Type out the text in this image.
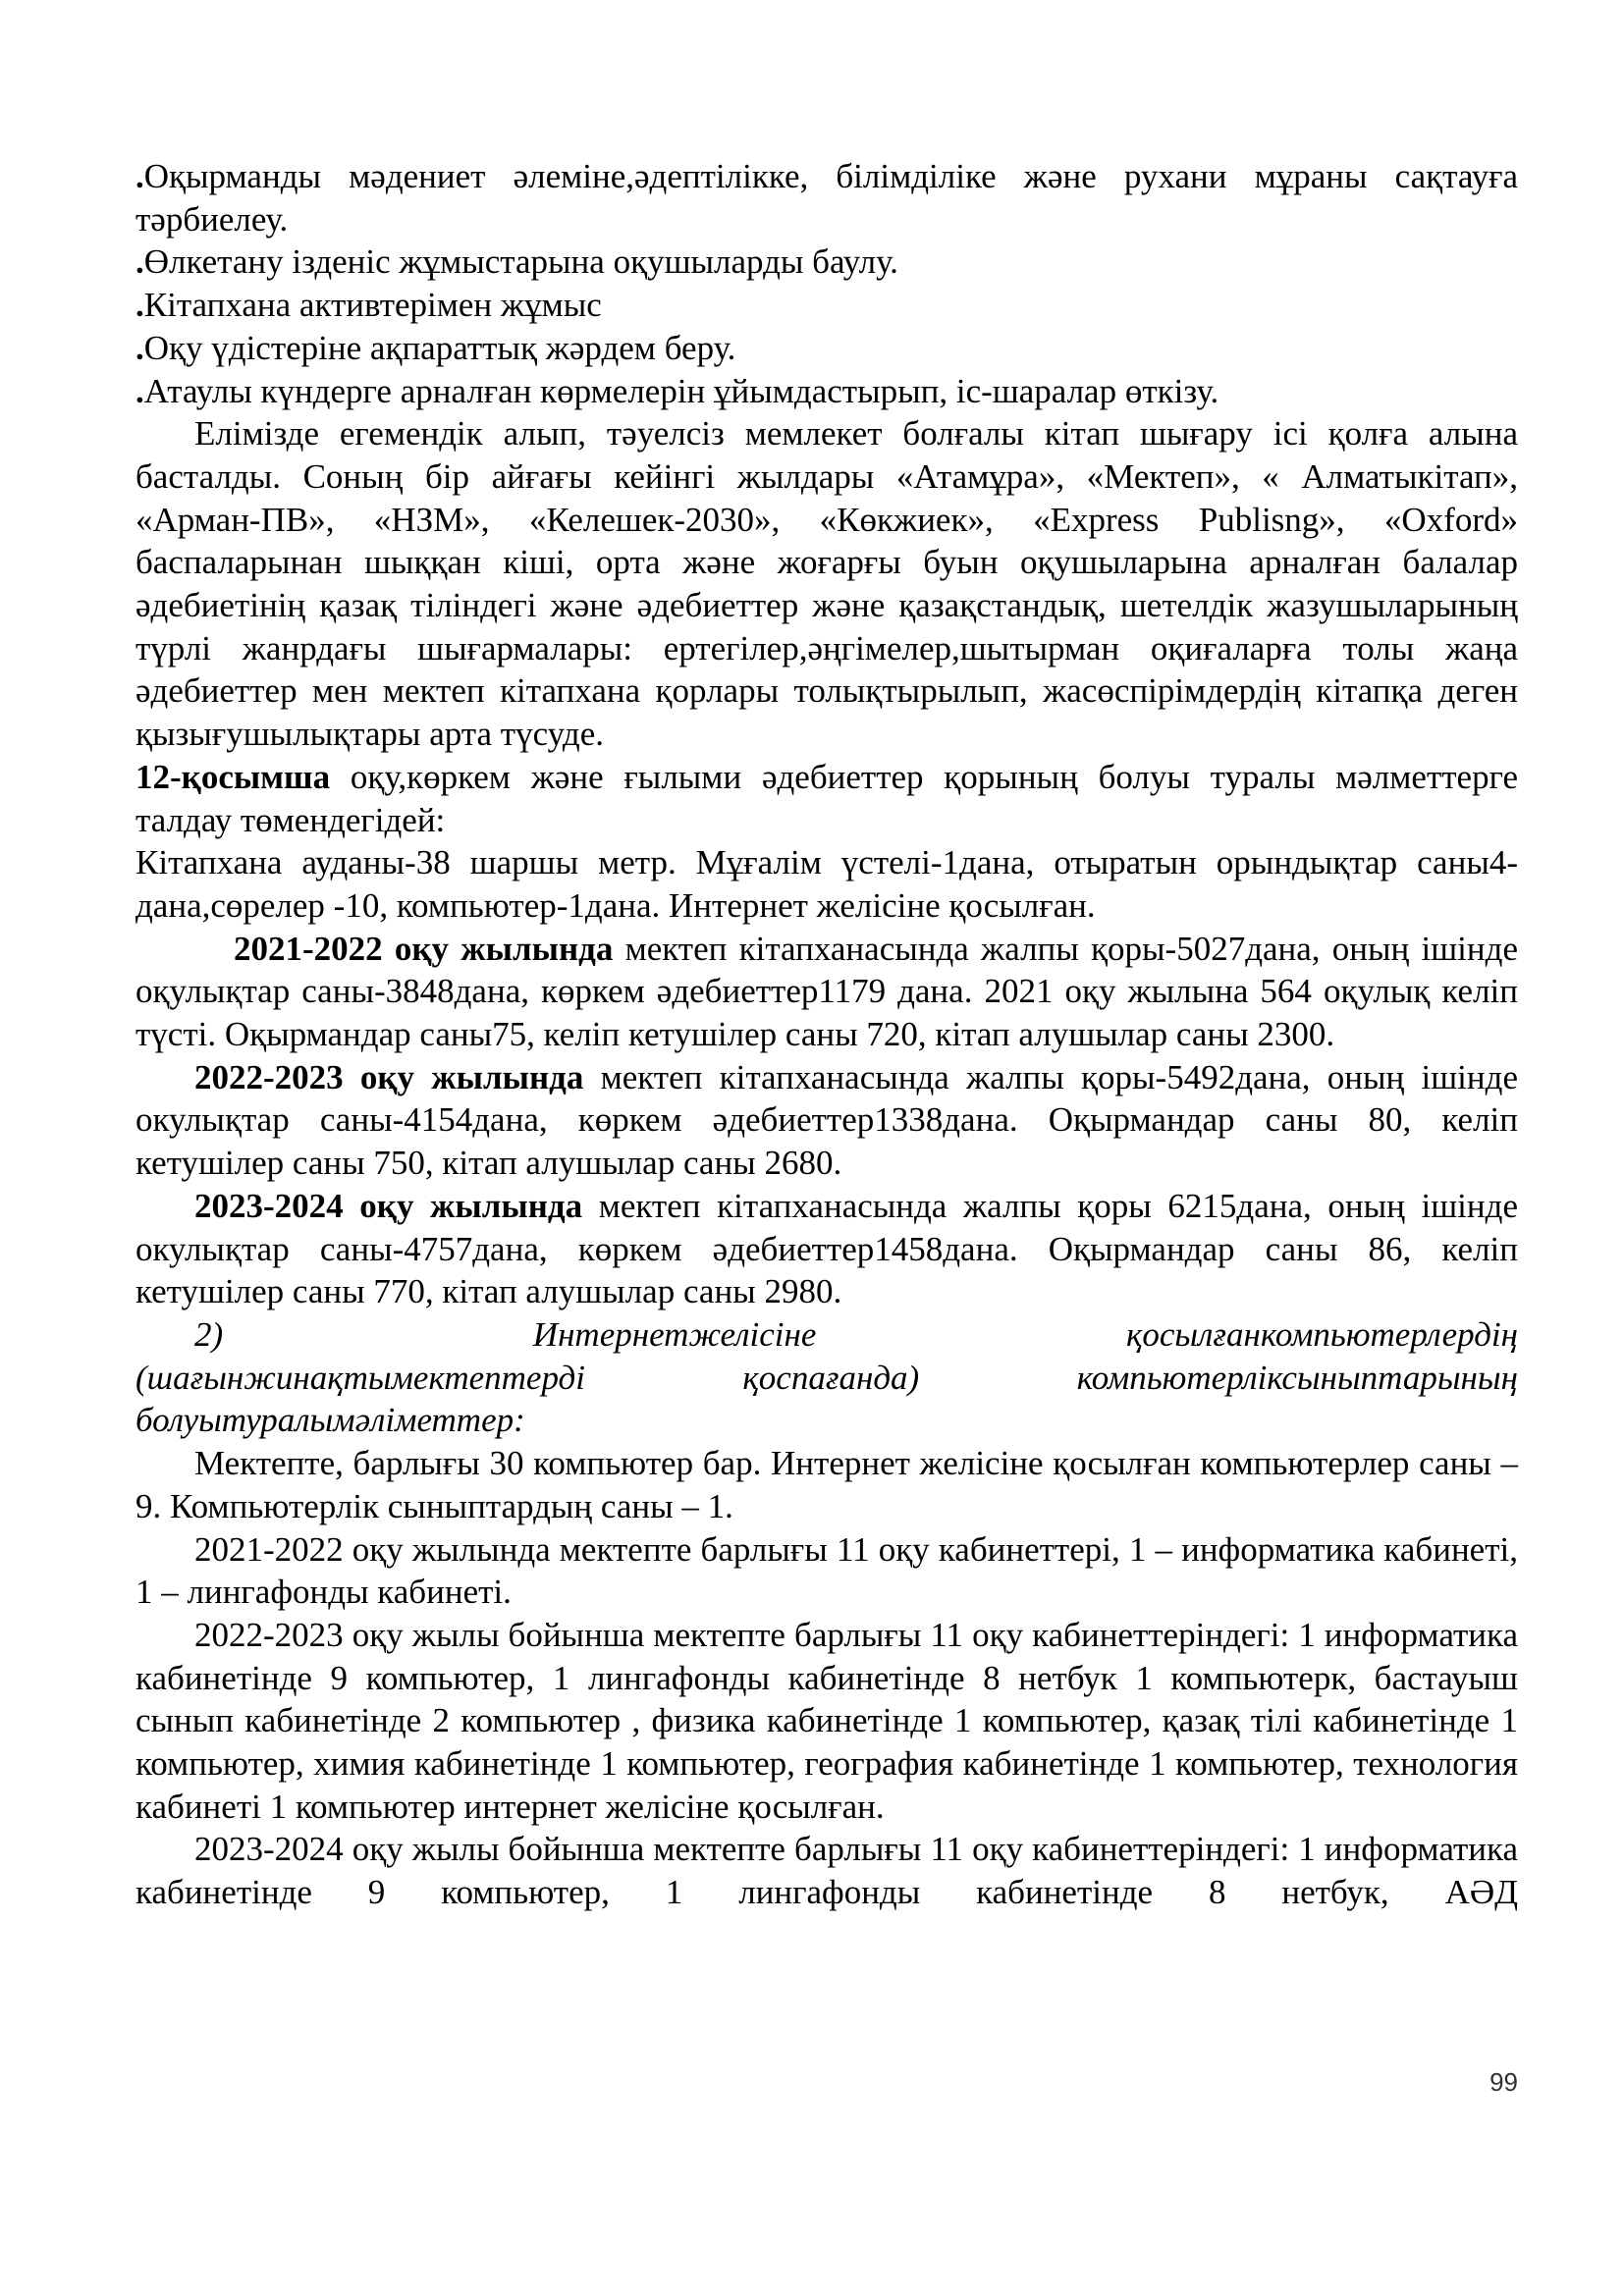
.Оқырманды мәдениет әлеміне,әдептілікке, білімділіке және рухани мұраны сақтауға тәрбиелеу.

.Өлкетану ізденіс жұмыстарына оқушыларды баулу.

.Кітапхана активтерімен жұмыс

.Оқу үдістеріне ақпараттық жәрдем беру.

.Атаулы күндерге арналған көрмелерін ұйымдастырып, іс-шаралар өткізу.

Елімізде егемендік алып, тәуелсіз мемлекет болғалы кітап шығару ісі қолға алына басталды. Соның бір айғағы кейінгі жылдары «Атамұра», «Мектеп», « Алматыкітап», «Арман-ПВ», «НЗМ», «Келешек-2030», «Көкжиек», «Express Publisng», «Oxford» баспаларынан шыққан кіші, орта және жоғарғы буын оқушыларына арналған балалар әдебиетінің қазақ тіліндегі және әдебиеттер және қазақстандық, шетелдік жазушыларының түрлі жанрдағы шығармалары: ертегілер,әңгімелер,шытырман оқиғаларға толы жаңа әдебиеттер мен мектеп кітапхана қорлары толықтырылып, жасөспірімдердің кітапқа деген қызығушылықтары арта түсуде.

12-қосымша оқу,көркем және ғылыми әдебиеттер қорының болуы туралы мәлметтерге талдау төмендегідей:

Кітапхана ауданы-38 шаршы метр. Мұғалім үстелі-1дана, отыратын орындықтар саны4- дана,сөрелер -10, компьютер-1дана. Интернет желісіне қосылған.

2021-2022 оқу жылында мектеп кітапханасында жалпы қоры-5027дана, оның ішінде оқулықтар саны-3848дана, көркем әдебиеттер1179 дана. 2021 оқу жылына 564 оқулық келіп түсті. Оқырмандар саны75, келіп кетушілер саны 720, кітап алушылар саны 2300.

2022-2023 оқу жылында мектеп кітапханасында жалпы қоры-5492дана, оның ішінде окулықтар саны-4154дана, көркем әдебиеттер1338дана. Оқырмандар саны 80, келіп кетушілер саны 750, кітап алушылар саны 2680.

2023-2024 оқу жылында мектеп кітапханасында жалпы қоры 6215дана, оның ішінде окулықтар саны-4757дана, көркем әдебиеттер1458дана. Оқырмандар саны 86, келіп кетушілер саны 770, кітап алушылар саны 2980.

2) Интернетжелісіне қосылғанкомпьютерлердің
(шағынжинақтымектептерді қоспағанда) компьютерліксыныптарының
болуытуралымәліметтер:

Мектепте, барлығы 30 компьютер бар. Интернет желісіне қосылған компьютерлер саны – 9. Компьютерлік сыныптардың саны – 1.

2021-2022 оқу жылында мектепте барлығы 11 оқу кабинеттері, 1 – информатика кабинеті, 1 – лингафонды кабинеті.

2022-2023 оқу жылы бойынша мектепте барлығы 11 оқу кабинеттеріндегі: 1 информатика кабинетінде 9 компьютер, 1 лингафонды кабинетінде 8 нетбук 1 компьютерк, бастауыш сынып кабинетінде 2 компьютер , физика кабинетінде 1 компьютер, қазақ тілі кабинетінде 1 компьютер, химия кабинетінде 1 компьютер, география кабинетінде 1 компьютер, технология кабинеті 1 компьютер интернет желісіне қосылған.

2023-2024 оқу жылы бойынша мектепте барлығы 11 оқу кабинеттеріндегі: 1 информатика кабинетінде 9 компьютер, 1 лингафонды кабинетінде 8 нетбук, АӘД

99
